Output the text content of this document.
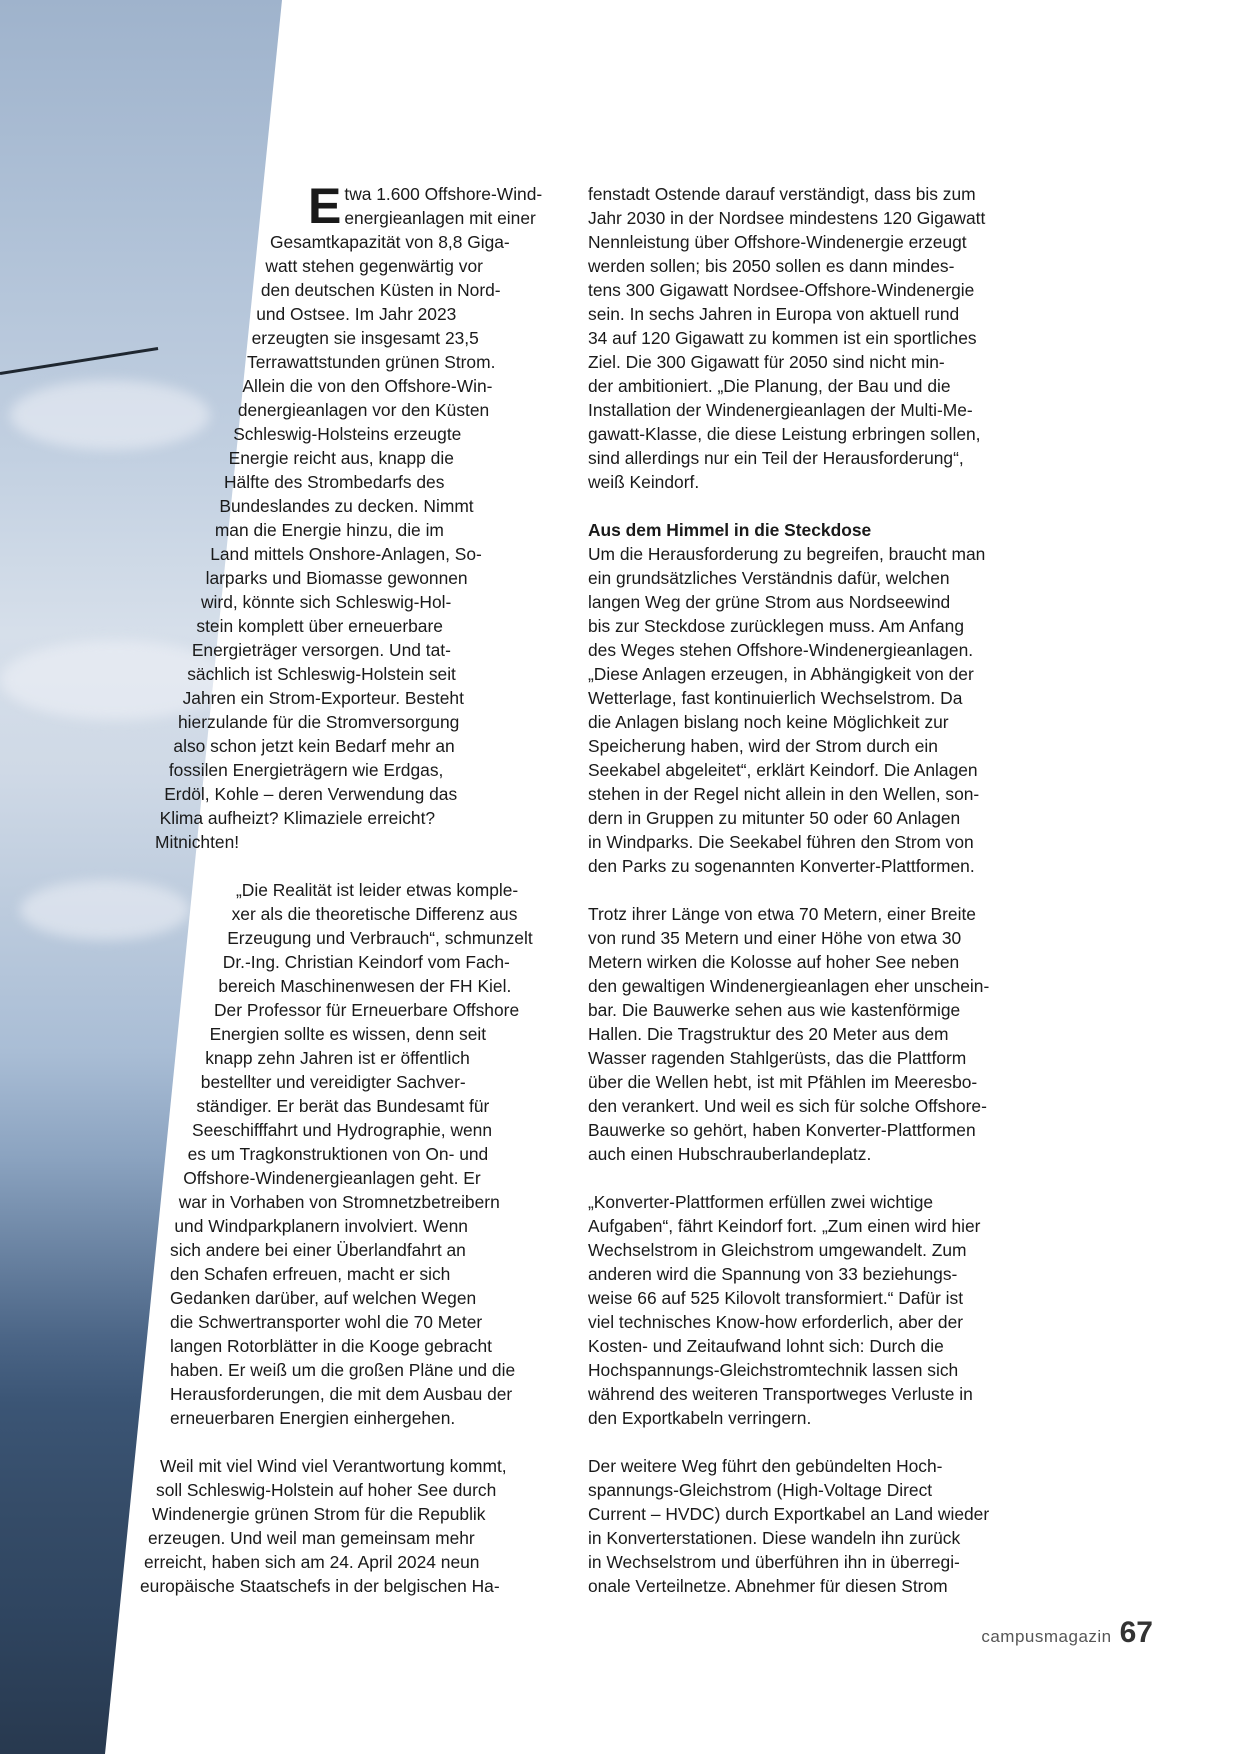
E twa 1.600 Offshore-Wind-
energieanlagen mit einer
Gesamtkapazität von 8,8 Giga-
watt stehen gegenwärtig vor
den deutschen Küsten in Nord-
und Ostsee. Im Jahr 2023
erzeugten sie insgesamt 23,5
Terrawattstunden grünen Strom.
Allein die von den Offshore-Win-
denergieanlagen vor den Küsten
Schleswig-Holsteins erzeugte
Energie reicht aus, knapp die
Hälfte des Strombedarfs des
Bundeslandes zu decken. Nimmt
man die Energie hinzu, die im
Land mittels Onshore-Anlagen, So-
larparks und Biomasse gewonnen
wird, könnte sich Schleswig-Hol-
stein komplett über erneuerbare
Energieträger versorgen. Und tat-
sächlich ist Schleswig-Holstein seit
Jahren ein Strom-Exporteur. Besteht
hierzulande für die Stromversorgung
also schon jetzt kein Bedarf mehr an
fossilen Energieträgern wie Erdgas,
Erdöl, Kohle – deren Verwendung das
Klima aufheizt? Klimaziele erreicht?
Mitnichten!

„Die Realität ist leider etwas komple-
xer als die theoretische Differenz aus
Erzeugung und Verbrauch“, schmunzelt
Dr.-Ing. Christian Keindorf vom Fach-
bereich Maschinenwesen der FH Kiel.
Der Professor für Erneuerbare Offshore
Energien sollte es wissen, denn seit
knapp zehn Jahren ist er öffentlich
bestellter und vereidigter Sachver-
ständiger. Er berät das Bundesamt für
Seeschifffahrt und Hydrographie, wenn
es um Tragkonstruktionen von On- und
Offshore-Windenergieanlagen geht. Er
war in Vorhaben von Stromnetzbetreibern
und Windparkplanern involviert. Wenn
sich andere bei einer Überlandfahrt an
den Schafen erfreuen, macht er sich
Gedanken darüber, auf welchen Wegen
die Schwertransporter wohl die 70 Meter
langen Rotorblätter in die Kooge gebracht
haben. Er weiß um die großen Pläne und die
Herausforderungen, die mit dem Ausbau der
erneuerbaren Energien einhergehen.

Weil mit viel Wind viel Verantwortung kommt,
soll Schleswig-Holstein auf hoher See durch
Windenergie grünen Strom für die Republik
erzeugen. Und weil man gemeinsam mehr
erreicht, haben sich am 24. April 2024 neun
europäische Staatschefs in der belgischen Ha-

fenstadt Ostende darauf verständigt, dass bis zum
Jahr 2030 in der Nordsee mindestens 120 Gigawatt
Nennleistung über Offshore-Windenergie erzeugt
werden sollen; bis 2050 sollen es dann mindes-
tens 300 Gigawatt Nordsee-Offshore-Windenergie
sein. In sechs Jahren in Europa von aktuell rund
34 auf 120 Gigawatt zu kommen ist ein sportliches
Ziel. Die 300 Gigawatt für 2050 sind nicht min-
der ambitioniert. „Die Planung, der Bau und die
Installation der Windenergieanlagen der Multi-Me-
gawatt-Klasse, die diese Leistung erbringen sollen,
sind allerdings nur ein Teil der Herausforderung“,
weiß Keindorf.

Aus dem Himmel in die Steckdose

Um die Herausforderung zu begreifen, braucht man
ein grundsätzliches Verständnis dafür, welchen
langen Weg der grüne Strom aus Nordseewind
bis zur Steckdose zurücklegen muss. Am Anfang
des Weges stehen Offshore-Windenergieanlagen.
„Diese Anlagen erzeugen, in Abhängigkeit von der
Wetterlage, fast kontinuierlich Wechselstrom. Da
die Anlagen bislang noch keine Möglichkeit zur
Speicherung haben, wird der Strom durch ein
Seekabel abgeleitet“, erklärt Keindorf. Die Anlagen
stehen in der Regel nicht allein in den Wellen, son-
dern in Gruppen zu mitunter 50 oder 60 Anlagen
in Windparks. Die Seekabel führen den Strom von
den Parks zu sogenannten Konverter-Plattformen.

Trotz ihrer Länge von etwa 70 Metern, einer Breite
von rund 35 Metern und einer Höhe von etwa 30
Metern wirken die Kolosse auf hoher See neben
den gewaltigen Windenergieanlagen eher unschein-
bar. Die Bauwerke sehen aus wie kastenförmige
Hallen. Die Tragstruktur des 20 Meter aus dem
Wasser ragenden Stahlgerüsts, das die Plattform
über die Wellen hebt, ist mit Pfählen im Meeresbo-
den verankert. Und weil es sich für solche Offshore-
Bauwerke so gehört, haben Konverter-Plattformen
auch einen Hubschrauberlandeplatz.

„Konverter-Plattformen erfüllen zwei wichtige
Aufgaben“, fährt Keindorf fort. „Zum einen wird hier
Wechselstrom in Gleichstrom umgewandelt. Zum
anderen wird die Spannung von 33 beziehungs-
weise 66 auf 525 Kilovolt transformiert.“ Dafür ist
viel technisches Know-how erforderlich, aber der
Kosten- und Zeitaufwand lohnt sich: Durch die
Hochspannungs-Gleichstromtechnik lassen sich
während des weiteren Transportweges Verluste in
den Exportkabeln verringern.

Der weitere Weg führt den gebündelten Hoch-
spannungs-Gleichstrom (High-Voltage Direct
Current – HVDC) durch Exportkabel an Land wieder
in Konverterstationen. Diese wandeln ihn zurück
in Wechselstrom und überführen ihn in überregi-
onale Verteilnetze. Abnehmer für diesen Strom

campusmagazin 67
